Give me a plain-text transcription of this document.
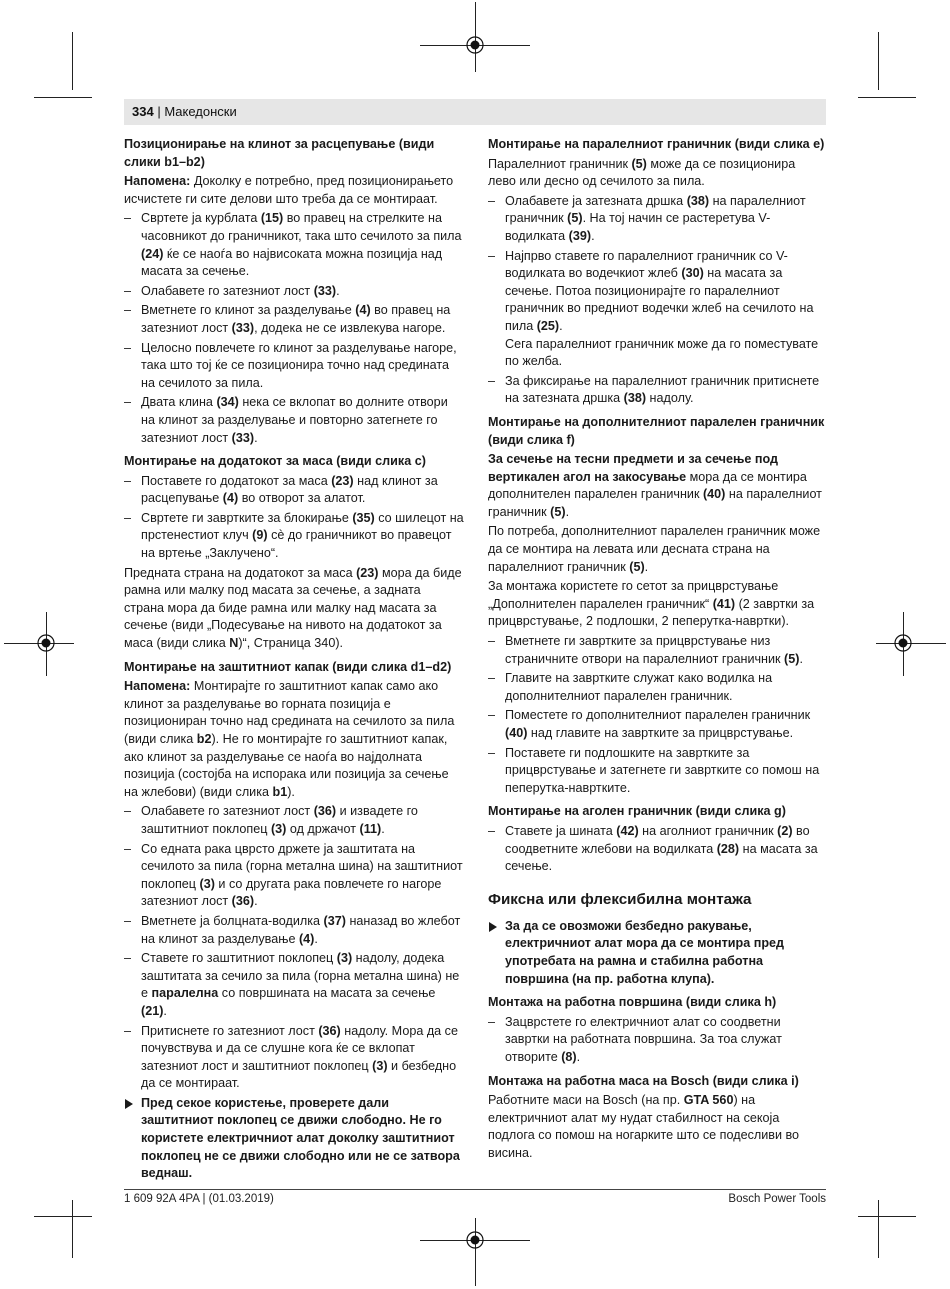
334 | Македонски
Позиционирање на клинот за расцепување (види слики b1–b2)

Напомена: Доколку е потребно, пред позиционирањето исчистете ги сите делови што треба да се монтираат.

– Свртете ја курблата (15) во правец на стрелките на часовникот до граничникот, така што сечилото за пила (24) ќе се наоѓа во највисоката можна позиција над масата за сечење.
– Олабавете го затезниот лост (33).
– Вметнете го клинот за разделување (4) во правец на затезниот лост (33), додека не се извлекува нагоре.
– Целосно повлечете го клинот за разделување нагоре, така што тој ќе се позиционира точно над средината на сечилото за пила.
– Двата клина (34) нека се вклопат во долните отвори на клинот за разделување и повторно затегнете го затезниот лост (33).
Монтирање на додатокот за маса (види слика c)
– Поставете го додатокот за маса (23) над клинот за расцепување (4) во отворот за алатот.
– Свртете ги завртките за блокирање (35) со шилецот на прстенестиот клуч (9) сè до граничникот во правецот на вртење „Заклучено“.

Предната страна на додатокот за маса (23) мора да биде рамна или малку под масата за сечење, а задната страна мора да биде рамна или малку над масата за сечење (види „Подесување на нивото на додатокот за маса (види слика N)“, Страница 340).

Монтирање на заштитниот капак (види слика d1–d2)

Напомена: Монтирајте го заштитниот капак само ако клинот за разделување во горната позиција е позициониран точно над средината на сечилото за пила (види слика b2). Не го монтирајте го заштитниот капак, ако клинот за разделување се наоѓа во најдолната позиција (состојба на испорака или позиција за сечење на жлебови) (види слика b1).

– Олабавете го затезниот лост (36) и извадете го заштитниот поклопец (3) од држачот (11).
– Со едната рака цврсто држете ја заштитата на сечилото за пила (горна метална шина) на заштитниот поклопец (3) и со другата рака повлечете го нагоре затезниот лост (36).
– Вметнете ја болцната-водилка (37) наназад во жлебот на клинот за разделување (4).
– Ставете го заштитниот поклопец (3) надолу, додека заштитата за сечило за пила (горна метална шина) не е паралелна со површината на масата за сечење (21).
– Притиснете го затезниот лост (36) надолу. Мора да се почувствува и да се слушне кога ќе се вклопат затезниот лост и заштитниот поклопец (3) и безбедно да се монтираат.
Пред секое користење, проверете дали заштитниот поклопец се движи слободно. Не го користете електричниот алат доколку заштитниот поклопец не се движи слободно или не се затвора веднаш.
Монтирање на паралелниот граничник (види слика e)

Паралелниот граничник (5) може да се позиционира лево или десно од сечилото за пила.

– Олабавете ја затезната дршка (38) на паралелниот граничник (5). На тој начин се растеретува V-водилката (39).
– Најпрво ставете го паралелниот граничник со V-водилката во водечкиот жлеб (30) на масата за сечење. Потоа позиционирајте го паралелниот граничник во предниот водечки жлеб на сечилото на пила (25).
Сега паралелниот граничник може да го поместувате по желба.
– За фиксирање на паралелниот граничник притиснете на затезната дршка (38) надолу.
Монтирање на дополнителниот паралелен граничник (види слика f)

За сечење на тесни предмети и за сечење под вертикален агол на закосување мора да се монтира дополнителен паралелен граничник (40) на паралелниот граничник (5).

По потреба, дополнителниот паралелен граничник може да се монтира на левата или десната страна на паралелниот граничник (5).

За монтажа користете го сетот за прицврстување „Дополнителен паралелен граничник“ (41) (2 завртки за прицврстување, 2 подлошки, 2 пеперутка-навртки).

– Вметнете ги завртките за прицврстување низ страничните отвори на паралелниот граничник (5).
– Главите на завртките служат како водилка на дополнителниот паралелен граничник.
– Поместете го дополнителниот паралелен граничник (40) над главите на завртките за прицврстување.
– Поставете ги подлошките на завртките за прицврстување и затегнете ги завртките со помош на пеперутка-навртките.
Монтирање на аголен граничник (види слика g)
– Ставете ја шината (42) на аголниот граничник (2) во соодветните жлебови на водилката (28) на масата за сечење.
Фиксна или флексибилна монтажа
За да се овозможи безбедно ракување, електричниот алат мора да се монтира пред употребата на рамна и стабилна работна површина (на пр. работна клупа).
Монтажа на работна површина (види слика h)
– Зацврстете го електричниот алат со соодветни завртки на работната површина. За тоа служат отворите (8).
Монтажа на работна маса на Bosch (види слика i)

Работните маси на Bosch (на пр. GTA 560) на електричниот алат му нудат стабилност на секоја подлога со помош на ногарките што се подесливи во висина.

1 609 92A 4PA | (01.03.2019)	Bosch Power Tools
